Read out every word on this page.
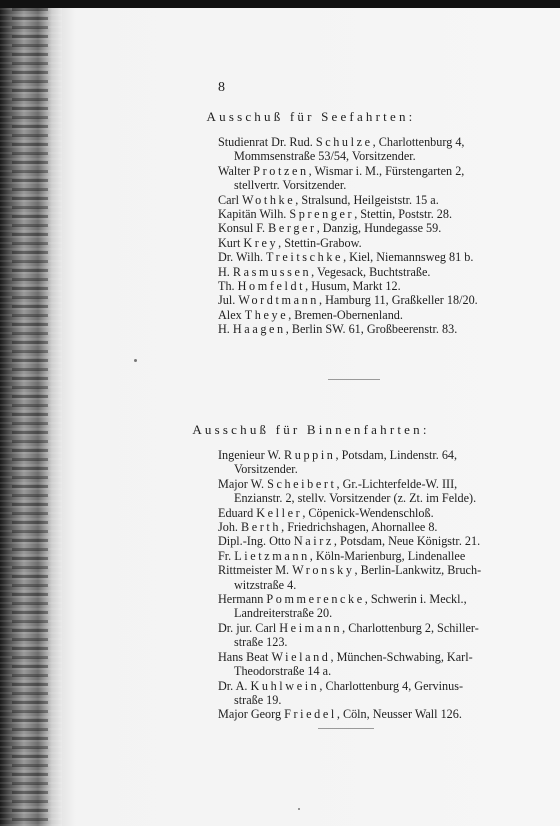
8
Ausschuß für Seefahrten:
Studienrat Dr. Rud. Schulze, Charlottenburg 4,
Mommsenstraße 53/54, Vorsitzender.
Walter Protzen, Wismar i. M., Fürstengarten 2,
stellvertr. Vorsitzender.
Carl Wothke, Stralsund, Heilgeiststr. 15 a.
Kapitän Wilh. Sprenger, Stettin, Poststr. 28.
Konsul F. Berger, Danzig, Hundegasse 59.
Kurt Krey, Stettin-Grabow.
Dr. Wilh. Treitschke, Kiel, Niemannsweg 81 b.
H. Rasmussen, Vegesack, Buchtstraße.
Th. Homfeldt, Husum, Markt 12.
Jul. Wordtmann, Hamburg 11, Graßkeller 18/20.
Alex Theye, Bremen-Obernenland.
H. Haagen, Berlin SW. 61, Großbeerenstr. 83.
Ausschuß für Binnenfahrten:
Ingenieur W. Ruppin, Potsdam, Lindenstr. 64,
Vorsitzender.
Major W. Scheibert, Gr.-Lichterfelde-W. III,
Enzianstr. 2, stellv. Vorsitzender (z. Zt. im Felde).
Eduard Keller, Cöpenick-Wendenschloß.
Joh. Berth, Friedrichshagen, Ahornallee 8.
Dipl.-Ing. Otto Nairz, Potsdam, Neue Königstr. 21.
Fr. Lietzmann, Köln-Marienburg, Lindenallee
Rittmeister M. Wronsky, Berlin-Lankwitz, Bruch-
witzstraße 4.
Hermann Pommerencke, Schwerin i. Meckl.,
Landreiterstraße 20.
Dr. jur. Carl Heimann, Charlottenburg 2, Schiller-
straße 123.
Hans Beat Wieland, München-Schwabing, Karl-
Theodorstraße 14 a.
Dr. A. Kuhlwein, Charlottenburg 4, Gervinus-
straße 19.
Major Georg Friedel, Cöln, Neusser Wall 126.
